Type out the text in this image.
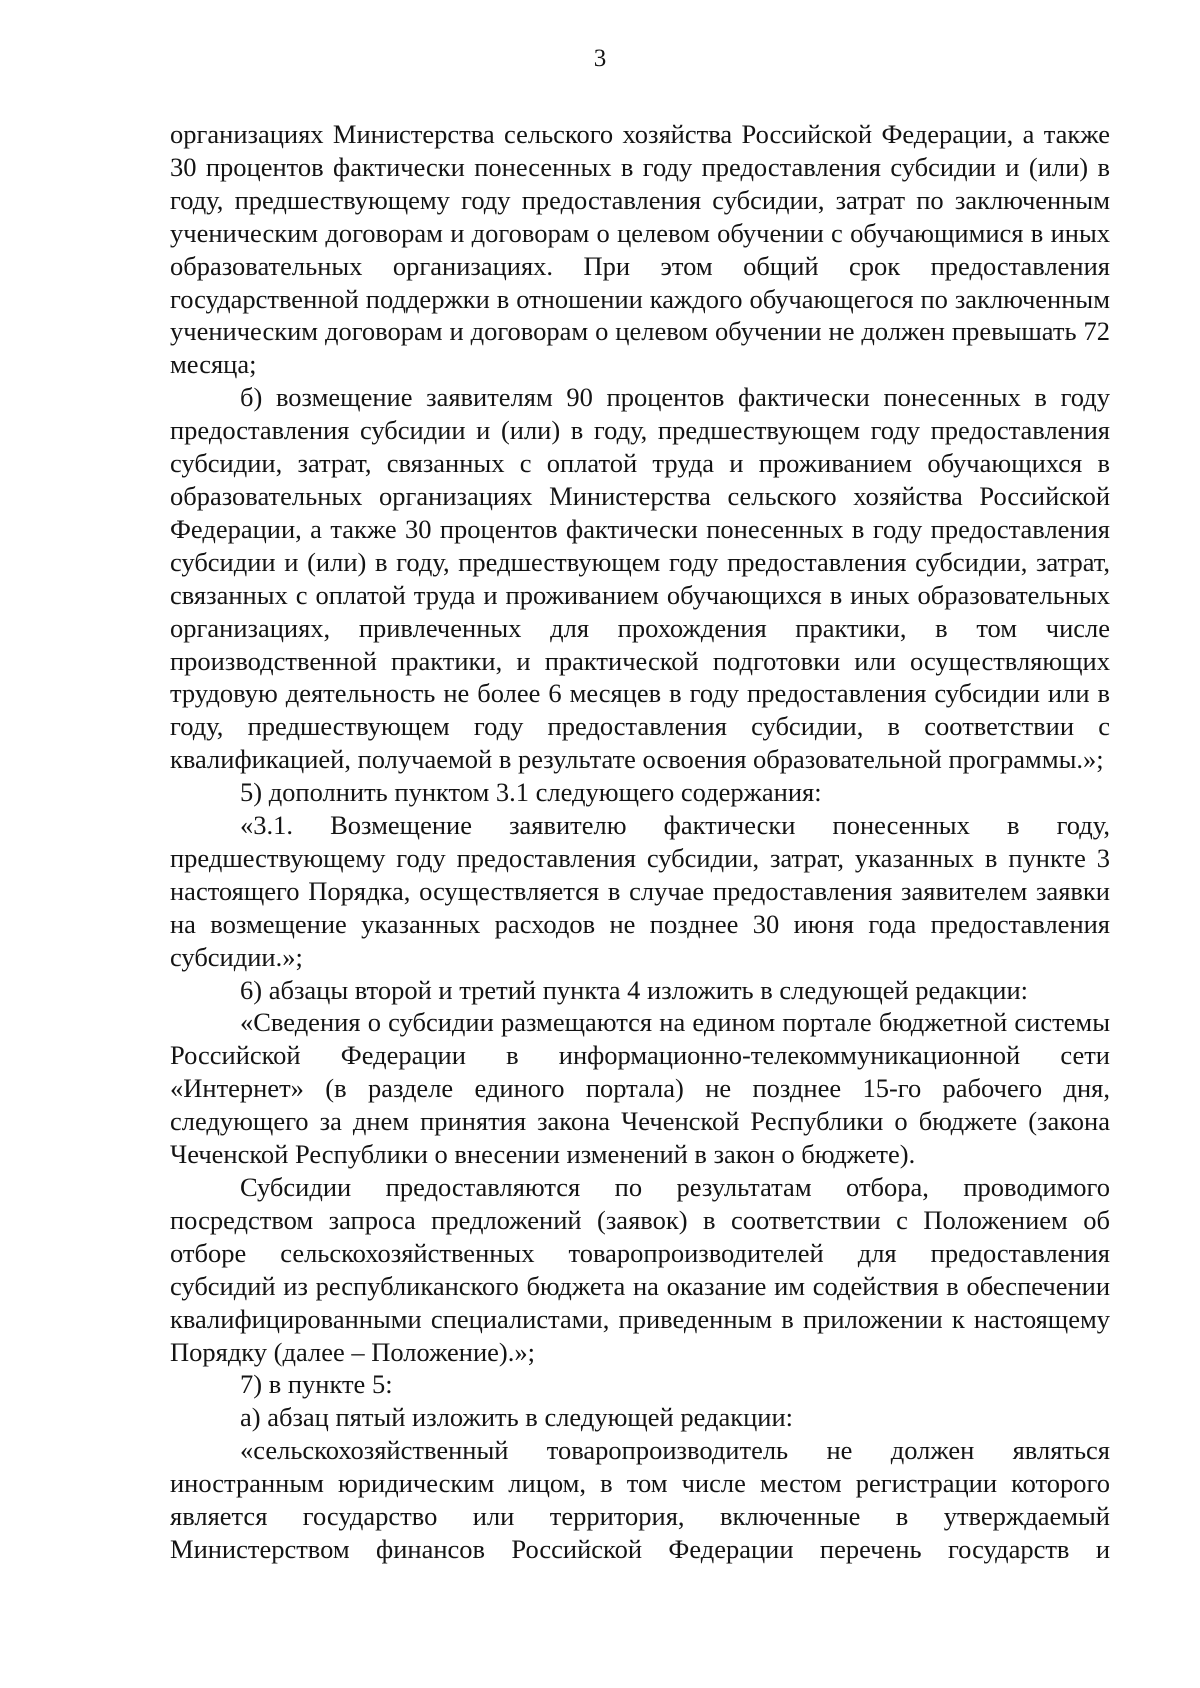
3

организациях Министерства сельского хозяйства Российской Федерации, а также 30 процентов фактически понесенных в году предоставления субсидии и (или) в году, предшествующему году предоставления субсидии, затрат по заключенным ученическим договорам и договорам о целевом обучении с обучающимися в иных образовательных организациях. При этом общий срок предоставления государственной поддержки в отношении каждого обучающегося по заключенным ученическим договорам и договорам о целевом обучении не должен превышать 72 месяца;

б) возмещение заявителям 90 процентов фактически понесенных в году предоставления субсидии и (или) в году, предшествующем году предоставления субсидии, затрат, связанных с оплатой труда и проживанием обучающихся в образовательных организациях Министерства сельского хозяйства Российской Федерации, а также 30 процентов фактически понесенных в году предоставления субсидии и (или) в году, предшествующем году предоставления субсидии, затрат, связанных с оплатой труда и проживанием обучающихся в иных образовательных организациях, привлеченных для прохождения практики, в том числе производственной практики, и практической подготовки или осуществляющих трудовую деятельность не более 6 месяцев в году предоставления субсидии или в году, предшествующем году предоставления субсидии, в соответствии с квалификацией, получаемой в результате освоения образовательной программы.»;

5) дополнить пунктом 3.1 следующего содержания:

«3.1. Возмещение заявителю фактически понесенных в году, предшествующему году предоставления субсидии, затрат, указанных в пункте 3 настоящего Порядка, осуществляется в случае предоставления заявителем заявки на возмещение указанных расходов не позднее 30 июня года предоставления субсидии.»;

6) абзацы второй и третий пункта 4 изложить в следующей редакции:

«Сведения о субсидии размещаются на едином портале бюджетной системы Российской Федерации в информационно-телекоммуникационной сети «Интернет» (в разделе единого портала) не позднее 15-го рабочего дня, следующего за днем принятия закона Чеченской Республики о бюджете (закона Чеченской Республики о внесении изменений в закон о бюджете).

Субсидии предоставляются по результатам отбора, проводимого посредством запроса предложений (заявок) в соответствии с Положением об отборе сельскохозяйственных товаропроизводителей для предоставления субсидий из республиканского бюджета на оказание им содействия в обеспечении квалифицированными специалистами, приведенным в приложении к настоящему Порядку (далее – Положение).»;

7) в пункте 5:

а) абзац пятый изложить в следующей редакции:

«сельскохозяйственный товаропроизводитель не должен являться иностранным юридическим лицом, в том числе местом регистрации которого является государство или территория, включенные в утверждаемый Министерством финансов Российской Федерации перечень государств и
